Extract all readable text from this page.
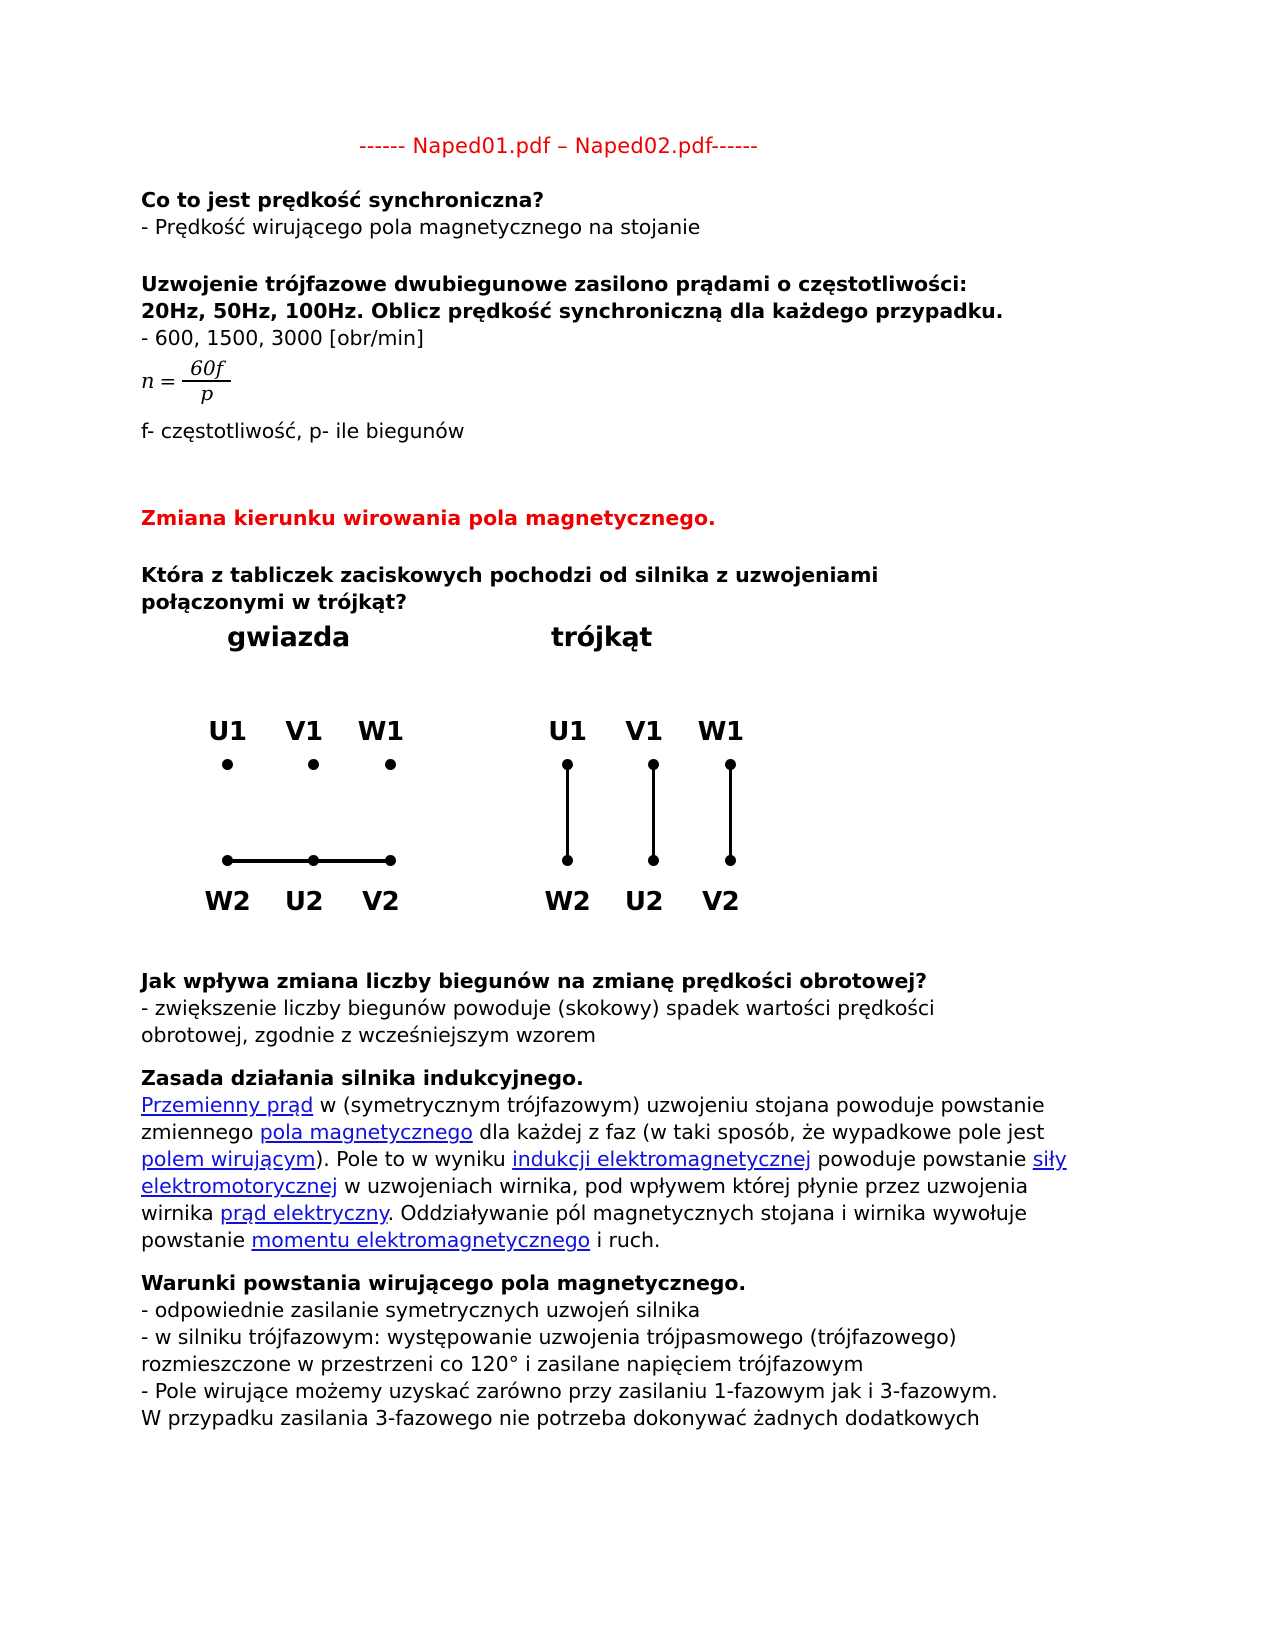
------ Naped01.pdf – Naped02.pdf------
Co to jest prędkość synchroniczna?
- Prędkość wirującego pola magnetycznego na stojanie
Uzwojenie trójfazowe dwubiegunowe zasilono prądami o częstotliwości:
20Hz, 50Hz, 100Hz. Oblicz prędkość synchroniczną dla każdego przypadku.
- 600, 1500, 3000 [obr/min]
$n = \frac{60f}{p}$
f- częstotliwość, p- ile biegunów
Zmiana kierunku wirowania pola magnetycznego.
Która z tabliczek zaciskowych pochodzi od silnika z uzwojeniami
połączonymi w trójkąt?
gwiazda
U1	V1	W1
W2	U2	V2
trójkąt
U1	V1	W1
W2	U2	V2
Jak wpływa zmiana liczby biegunów na zmianę prędkości obrotowej?
- zwiększenie liczby biegunów powoduje (skokowy) spadek wartości prędkości
obrotowej, zgodnie z wcześniejszym wzorem
Zasada działania silnika indukcyjnego.
Przemienny prąd w (symetrycznym trójfazowym) uzwojeniu stojana powoduje powstanie zmiennego pola magnetycznego dla każdej z faz (w taki sposób, że wypadkowe pole jest polem wirującym). Pole to w wyniku indukcji elektromagnetycznej powoduje powstanie siły elektromotorycznej w uzwojeniach wirnika, pod wpływem której płynie przez uzwojenia wirnika prąd elektryczny. Oddziaływanie pól magnetycznych stojana i wirnika wywołuje powstanie momentu elektromagnetycznego i ruch.
Warunki powstania wirującego pola magnetycznego.
- odpowiednie zasilanie symetrycznych uzwojeń silnika
- w silniku trójfazowym: występowanie uzwojenia trójpasmowego (trójfazowego)
rozmieszczone w przestrzeni co 120° i zasilane napięciem trójfazowym
- Pole wirujące możemy uzyskać zarówno przy zasilaniu 1-fazowym jak i 3-fazowym.
W przypadku zasilania 3-fazowego nie potrzeba dokonywać żadnych dodatkowych
